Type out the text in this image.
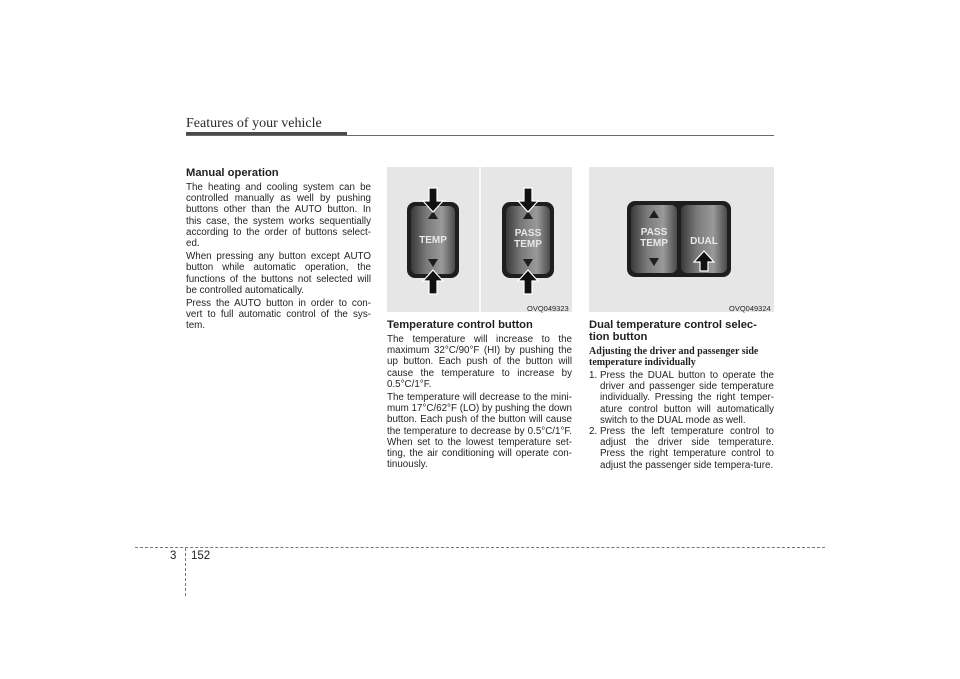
Features of your vehicle
Manual operation

The heating and cooling system can be controlled manually as well by pushing buttons other than the AUTO button. In this case, the system works sequentially according to the order of buttons select-ed.

When pressing any button except AUTO button while automatic operation, the functions of the buttons not selected will be controlled automatically.

Press the AUTO button in order to con-vert to full automatic control of the sys-tem.

TEMP
PASS
TEMP
OVQ049323
PASS
TEMP DUAL
OVQ049324
Temperature control button

The temperature will increase to the maximum 32°C/90°F (HI) by pushing the up button. Each push of the button will cause the temperature to increase by 0.5°C/1°F.

The temperature will decrease to the mini-mum 17°C/62°F (LO) by pushing the down button. Each push of the button will cause the temperature to decrease by 0.5°C/1°F. When set to the lowest temperature set-ting, the air conditioning will operate con-tinuously.

Dual temperature control selec-tion button
Adjusting the driver and passenger side temperature individually
1. Press the DUAL button to operate the driver and passenger side temperature individually. Pressing the right temper-ature control button will automatically switch to the DUAL mode as well.
2. Press the left temperature control to adjust the driver side temperature. Press the right temperature control to adjust the passenger side tempera-ture.
3 152
